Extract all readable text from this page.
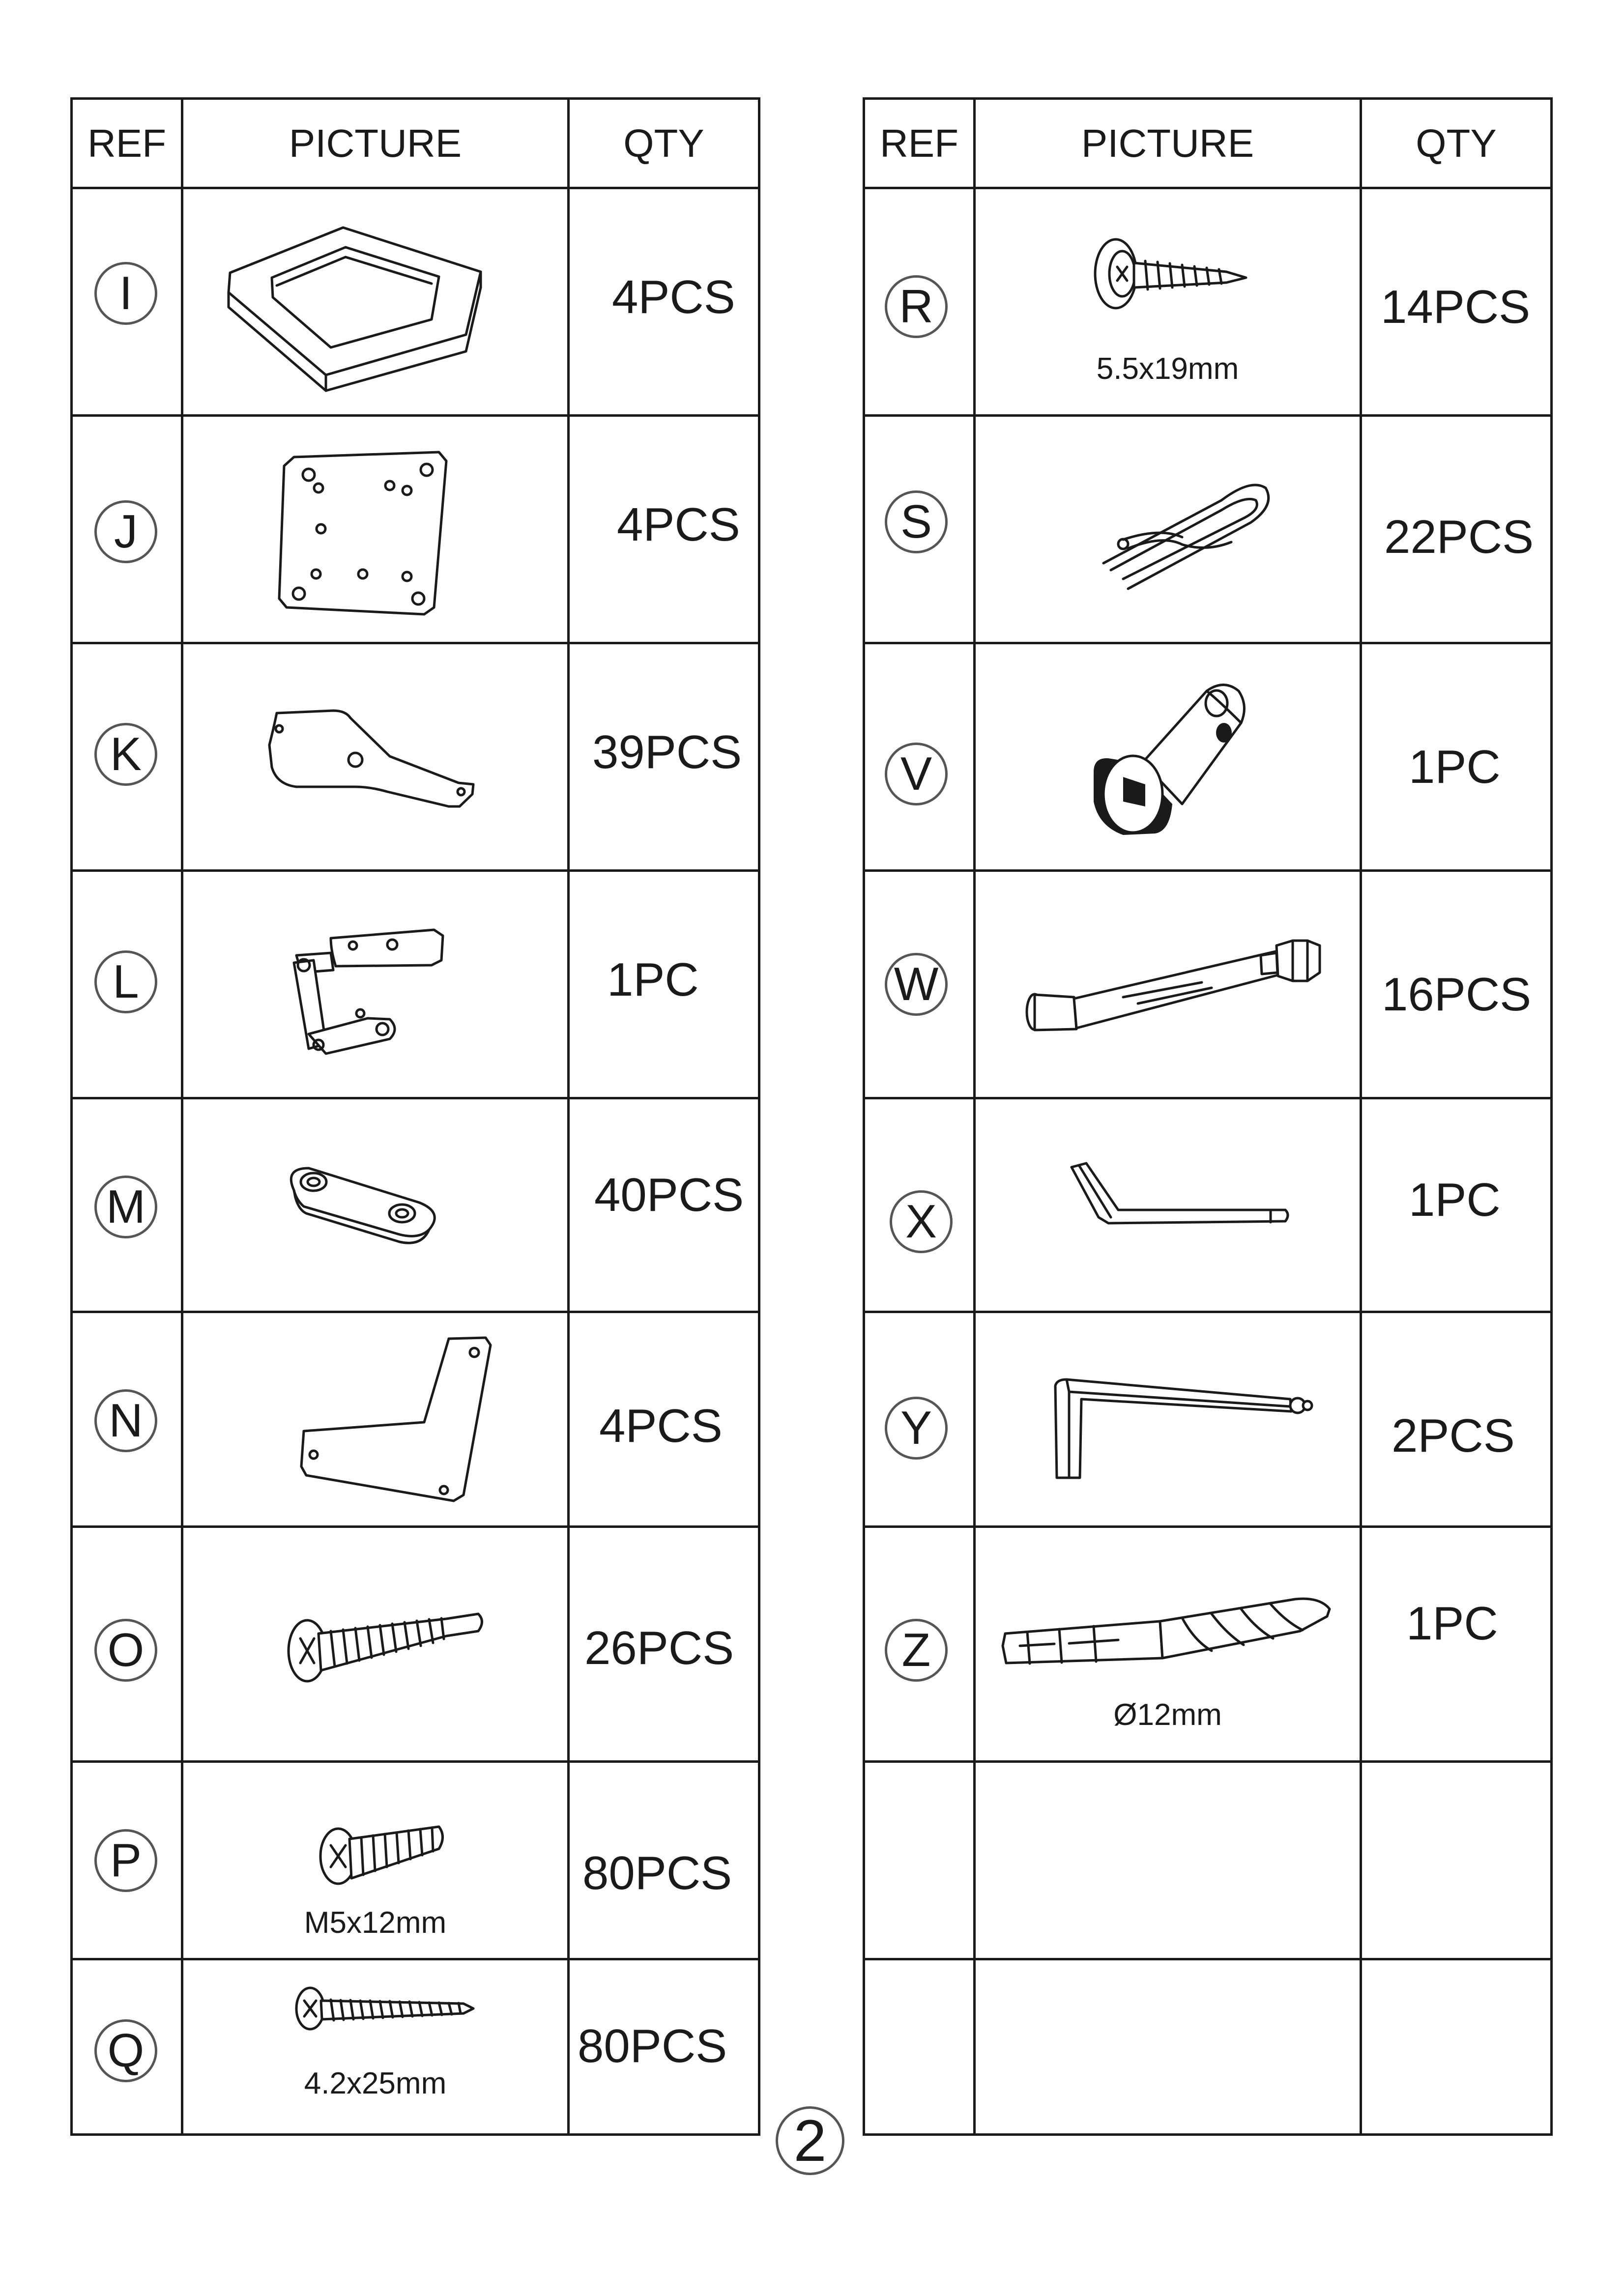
REF	PICTURE	QTY

I		4PCS

J		4PCS

K		39PCS

L		1PC

M		40PCS

N		4PCS

O		26PCS

P	M5x12mm	80PCS

Q	4.2x25mm	80PCS
REF	PICTURE	QTY

R	5.5x19mm	14PCS

S		22PCS

V		1PC

W		16PCS

X		1PC

Y		2PCS

Z	Ø12mm	1PC

2
